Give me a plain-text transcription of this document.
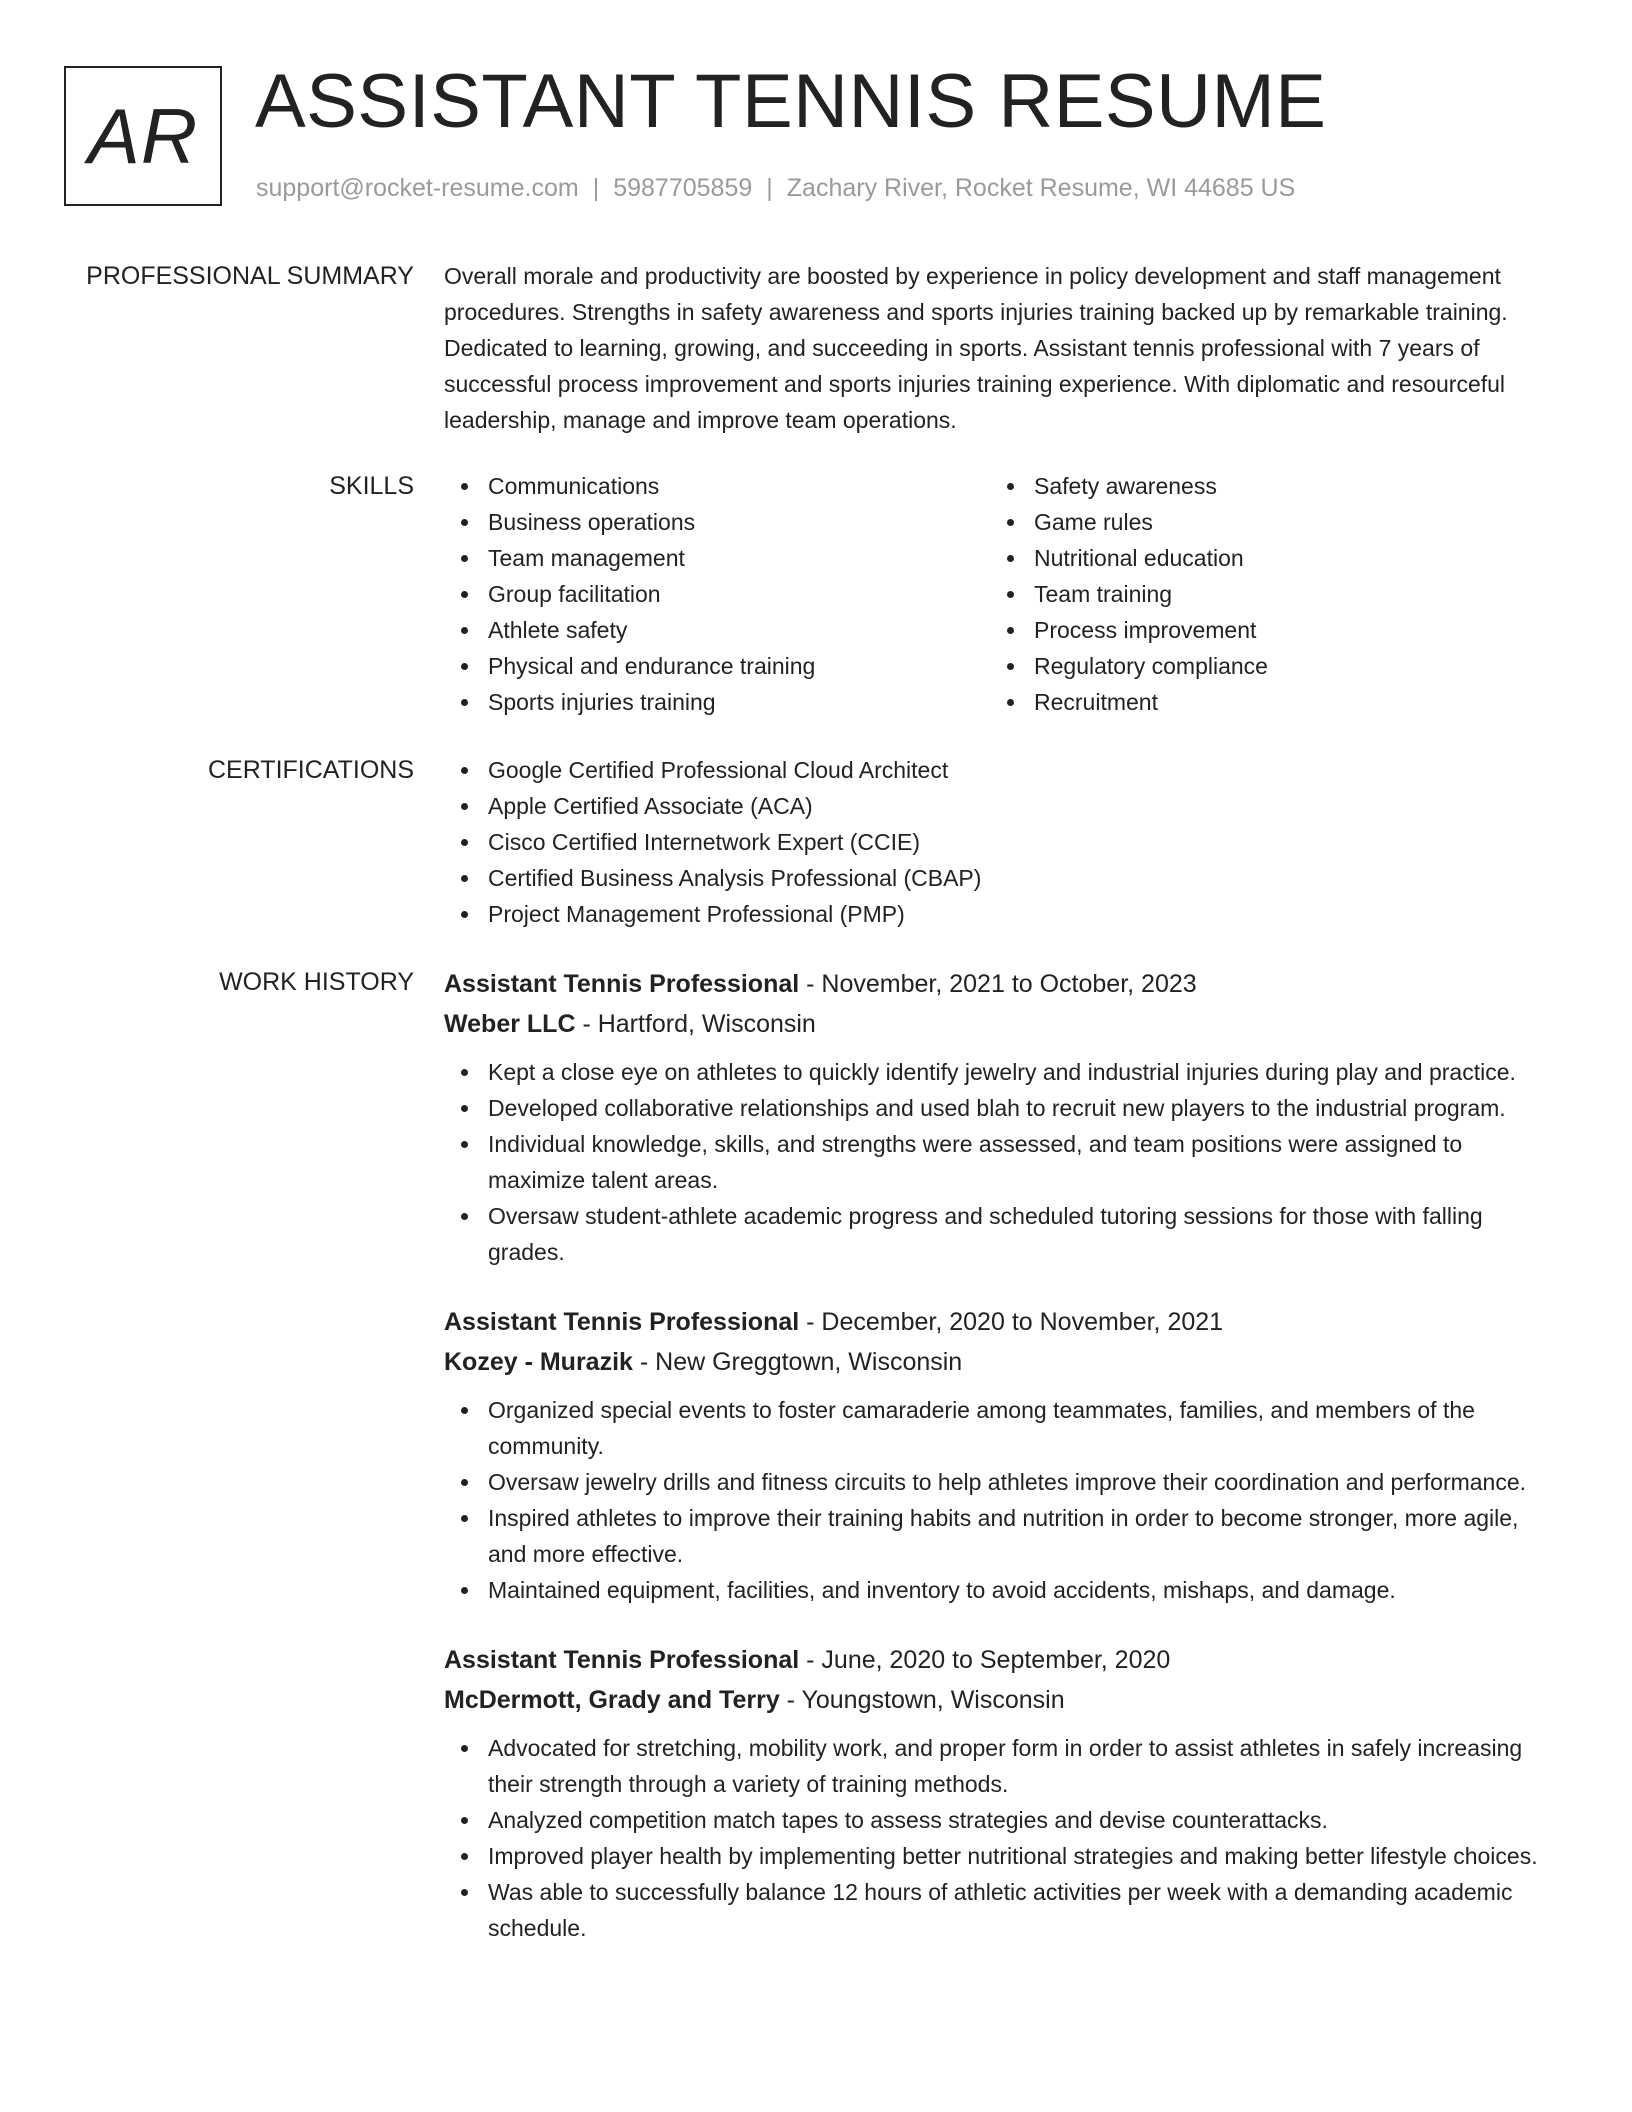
AR ASSISTANT TENNIS RESUME
support@rocket-resume.com | 5987705859 | Zachary River, Rocket Resume, WI 44685 US
PROFESSIONAL SUMMARY Overall morale and productivity are boosted by experience in policy development and staff management procedures. Strengths in safety awareness and sports injuries training backed up by remarkable training. Dedicated to learning, growing, and succeeding in sports. Assistant tennis professional with 7 years of successful process improvement and sports injuries training experience. With diplomatic and resourceful leadership, manage and improve team operations.

SKILLS	Communications
Business operations
Team management
Group facilitation
Athlete safety
Physical and endurance training
Sports injuries training
Safety awareness
Game rules
Nutritional education
Team training
Process improvement
Regulatory compliance
Recruitment
CERTIFICATIONS	Google Certified Professional Cloud Architect
Apple Certified Associate (ACA)
Cisco Certified Internetwork Expert (CCIE)
Certified Business Analysis Professional (CBAP)
Project Management Professional (PMP)
WORK HISTORY Assistant Tennis Professional - November, 2021 to October, 2023
Weber LLC - Hartford, Wisconsin
Kept a close eye on athletes to quickly identify jewelry and industrial injuries during play and practice.
Developed collaborative relationships and used blah to recruit new players to the industrial program.
Individual knowledge, skills, and strengths were assessed, and team positions were assigned to maximize talent areas.
Oversaw student-athlete academic progress and scheduled tutoring sessions for those with falling grades.
Assistant Tennis Professional - December, 2020 to November, 2021
Kozey - Murazik - New Greggtown, Wisconsin
Organized special events to foster camaraderie among teammates, families, and members of the community.
Oversaw jewelry drills and fitness circuits to help athletes improve their coordination and performance.
Inspired athletes to improve their training habits and nutrition in order to become stronger, more agile, and more effective.
Maintained equipment, facilities, and inventory to avoid accidents, mishaps, and damage.
Assistant Tennis Professional - June, 2020 to September, 2020
McDermott, Grady and Terry - Youngstown, Wisconsin
Advocated for stretching, mobility work, and proper form in order to assist athletes in safely increasing their strength through a variety of training methods.
Analyzed competition match tapes to assess strategies and devise counterattacks.
Improved player health by implementing better nutritional strategies and making better lifestyle choices.
Was able to successfully balance 12 hours of athletic activities per week with a demanding academic schedule.
